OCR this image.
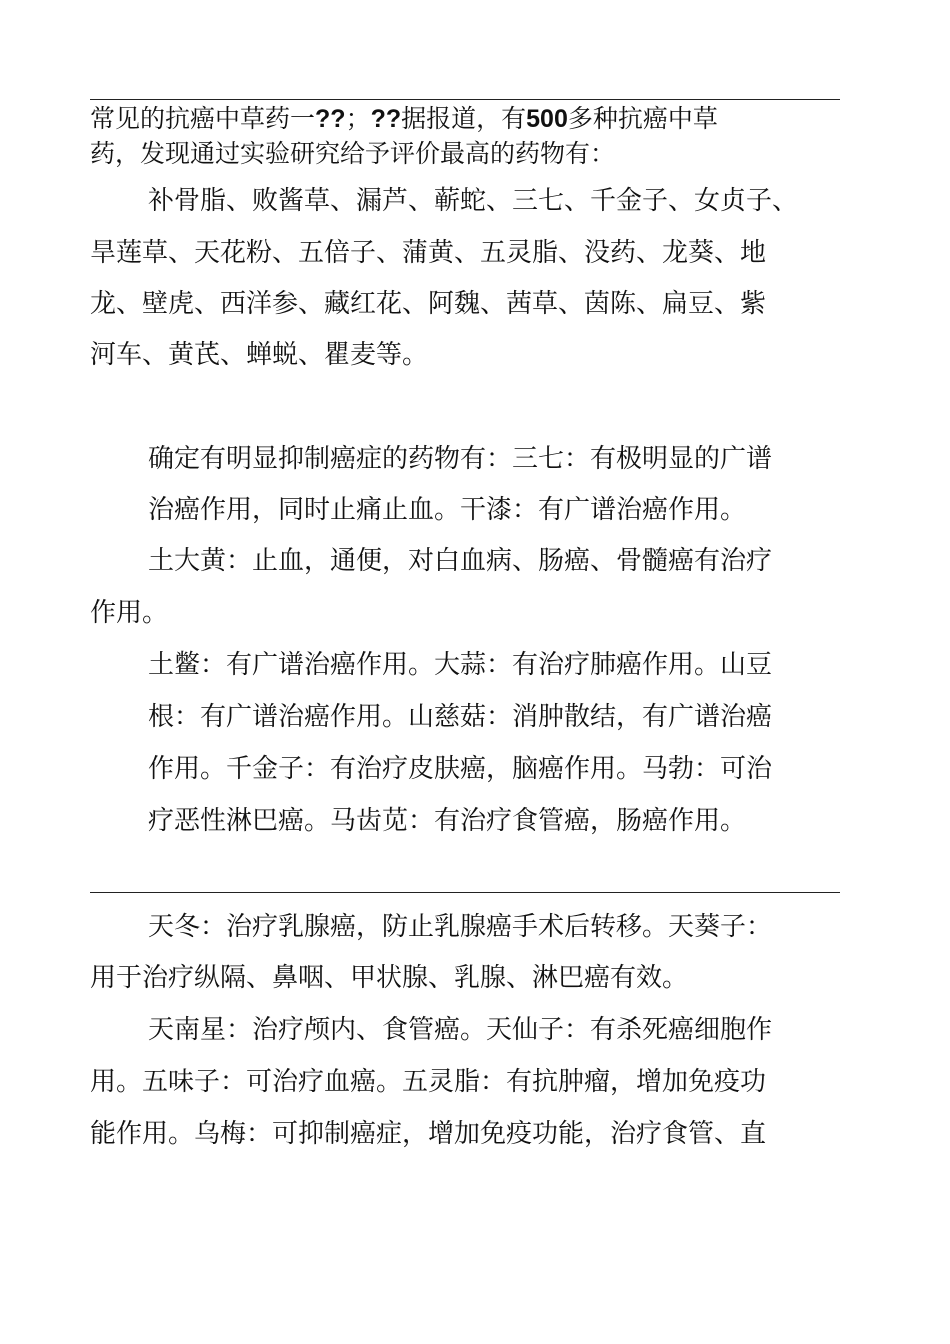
常见的抗癌中草药一??；??据报道，有500多种抗癌中草
药，发现通过实验研究给予评价最高的药物有：
补骨脂、败酱草、漏芦、蕲蛇、三七、千金子、女贞子、
旱莲草、天花粉、五倍子、蒲黄、五灵脂、没药、龙葵、地
龙、壁虎、西洋参、藏红花、阿魏、茜草、茵陈、扁豆、紫
河车、黄芪、蝉蜕、瞿麦等。
确定有明显抑制癌症的药物有：三七：有极明显的广谱
治癌作用，同时止痛止血。干漆：有广谱治癌作用。
土大黄：止血，通便，对白血病、肠癌、骨髓癌有治疗
作用。
土鳖：有广谱治癌作用。大蒜：有治疗肺癌作用。山豆
根：有广谱治癌作用。山慈菇：消肿散结，有广谱治癌
作用。千金子：有治疗皮肤癌，脑癌作用。马勃：可治
疗恶性淋巴癌。马齿苋：有治疗食管癌，肠癌作用。
天冬：治疗乳腺癌，防止乳腺癌手术后转移。天葵子：
用于治疗纵隔、鼻咽、甲状腺、乳腺、淋巴癌有效。
天南星：治疗颅内、食管癌。天仙子：有杀死癌细胞作
用。五味子：可治疗血癌。五灵脂：有抗肿瘤，增加免疫功
能作用。乌梅：可抑制癌症，增加免疫功能，治疗食管、直
